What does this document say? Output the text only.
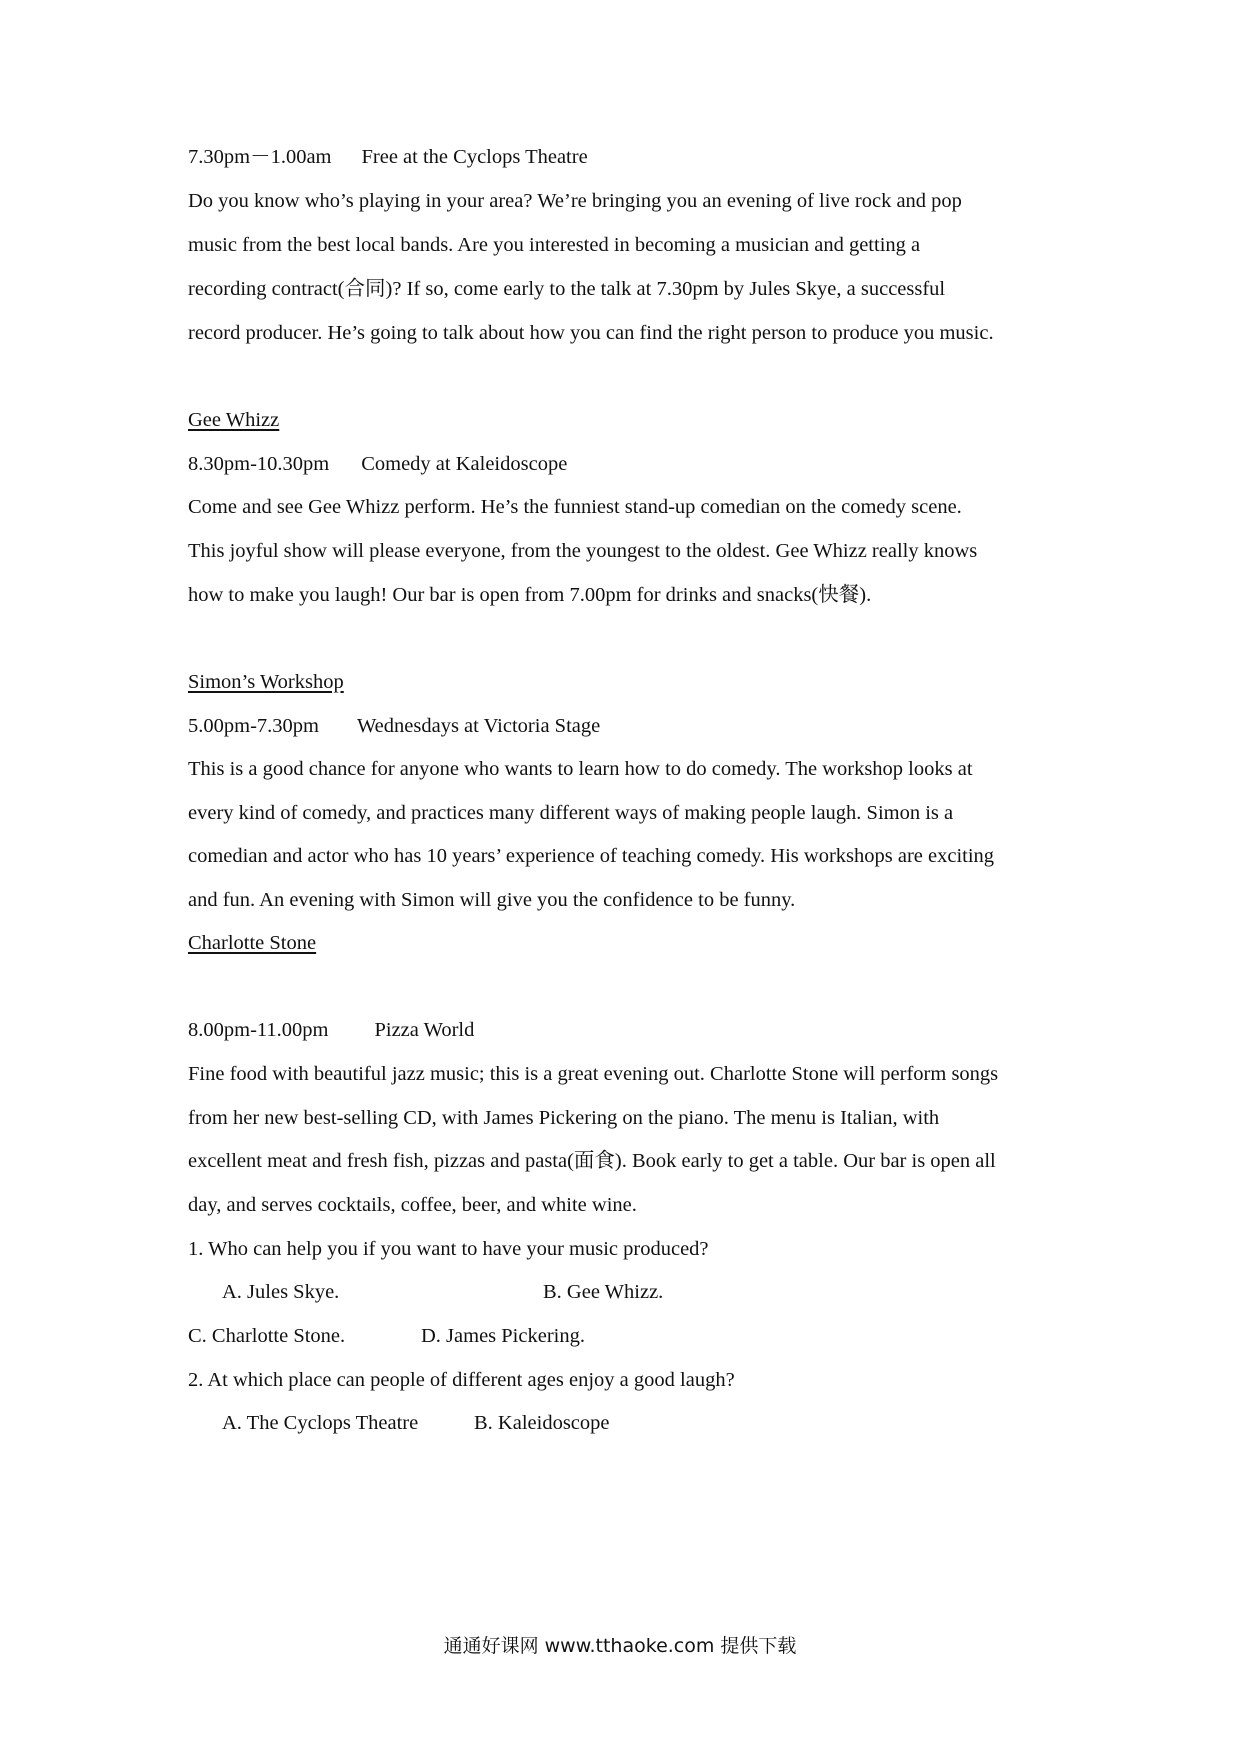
7.30pm－1.00am Free at the Cyclops Theatre
Do you know who’s playing in your area? We’re bringing you an evening of live rock and pop
music from the best local bands. Are you interested in becoming a musician and getting a
recording contract(合同)? If so, come early to the talk at 7.30pm by Jules Skye, a successful
record producer. He’s going to talk about how you can find the right person to produce you music.
Gee Whizz
8.30pm-10.30pm Comedy at Kaleidoscope
Come and see Gee Whizz perform. He’s the funniest stand-up comedian on the comedy scene.
This joyful show will please everyone, from the youngest to the oldest. Gee Whizz really knows
how to make you laugh! Our bar is open from 7.00pm for drinks and snacks(快餐).
Simon’s Workshop
5.00pm-7.30pm Wednesdays at Victoria Stage
This is a good chance for anyone who wants to learn how to do comedy. The workshop looks at
every kind of comedy, and practices many different ways of making people laugh. Simon is a
comedian and actor who has 10 years’ experience of teaching comedy. His workshops are exciting
and fun. An evening with Simon will give you the confidence to be funny.
Charlotte Stone
8.00pm-11.00pm Pizza World
Fine food with beautiful jazz music; this is a great evening out. Charlotte Stone will perform songs
from her new best-selling CD, with James Pickering on the piano. The menu is Italian, with
excellent meat and fresh fish, pizzas and pasta(面食). Book early to get a table. Our bar is open all
day, and serves cocktails, coffee, beer, and white wine.
1. Who can help you if you want to have your music produced?
A. Jules Skye.	B. Gee Whizz.
C. Charlotte Stone.	D. James Pickering.
2. At which place can people of different ages enjoy a good laugh?
A. The Cyclops Theatre	B. Kaleidoscope
通通好课网 www.tthaoke.com 提供下载
